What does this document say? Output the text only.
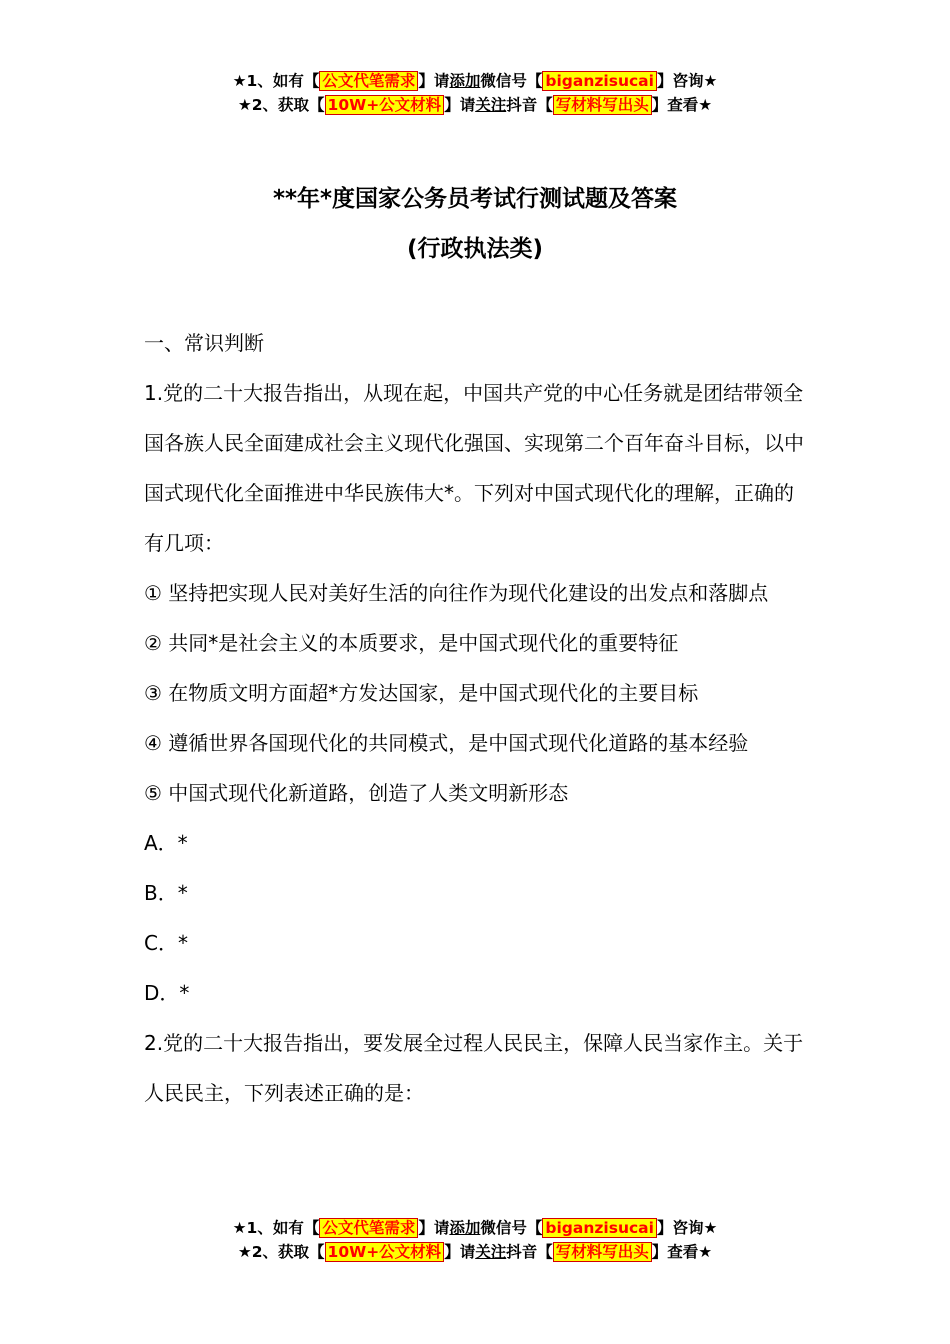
★1、如有【 公文代笔需求 】请添加微信号【 biganzisucai 】咨询★
★2、获取【 10W+公文材料 】请关注抖音【 写材料写出头 】查看★
**年*度国家公务员考试行测试题及答案
(行政执法类)

一、常识判断

1.党的二十大报告指出，从现在起，中国共产党的中心任务就是团结带领全国各族人民全面建成社会主义现代化强国、实现第二个百年奋斗目标，以中国式现代化全面推进中华民族伟大*。下列对中国式现代化的理解，正确的有几项：

① 坚持把实现人民对美好生活的向往作为现代化建设的出发点和落脚点

② 共同*是社会主义的本质要求，是中国式现代化的重要特征

③ 在物质文明方面超*方发达国家，是中国式现代化的主要目标

④ 遵循世界各国现代化的共同模式，是中国式现代化道路的基本经验

⑤ 中国式现代化新道路，创造了人类文明新形态

A．*

B．*

C．*

D．*

2.党的二十大报告指出，要发展全过程人民民主，保障人民当家作主。关于人民民主，下列表述正确的是：

★1、如有【 公文代笔需求 】请添加微信号【 biganzisucai 】咨询★
★2、获取【 10W+公文材料 】请关注抖音【 写材料写出头 】查看★
